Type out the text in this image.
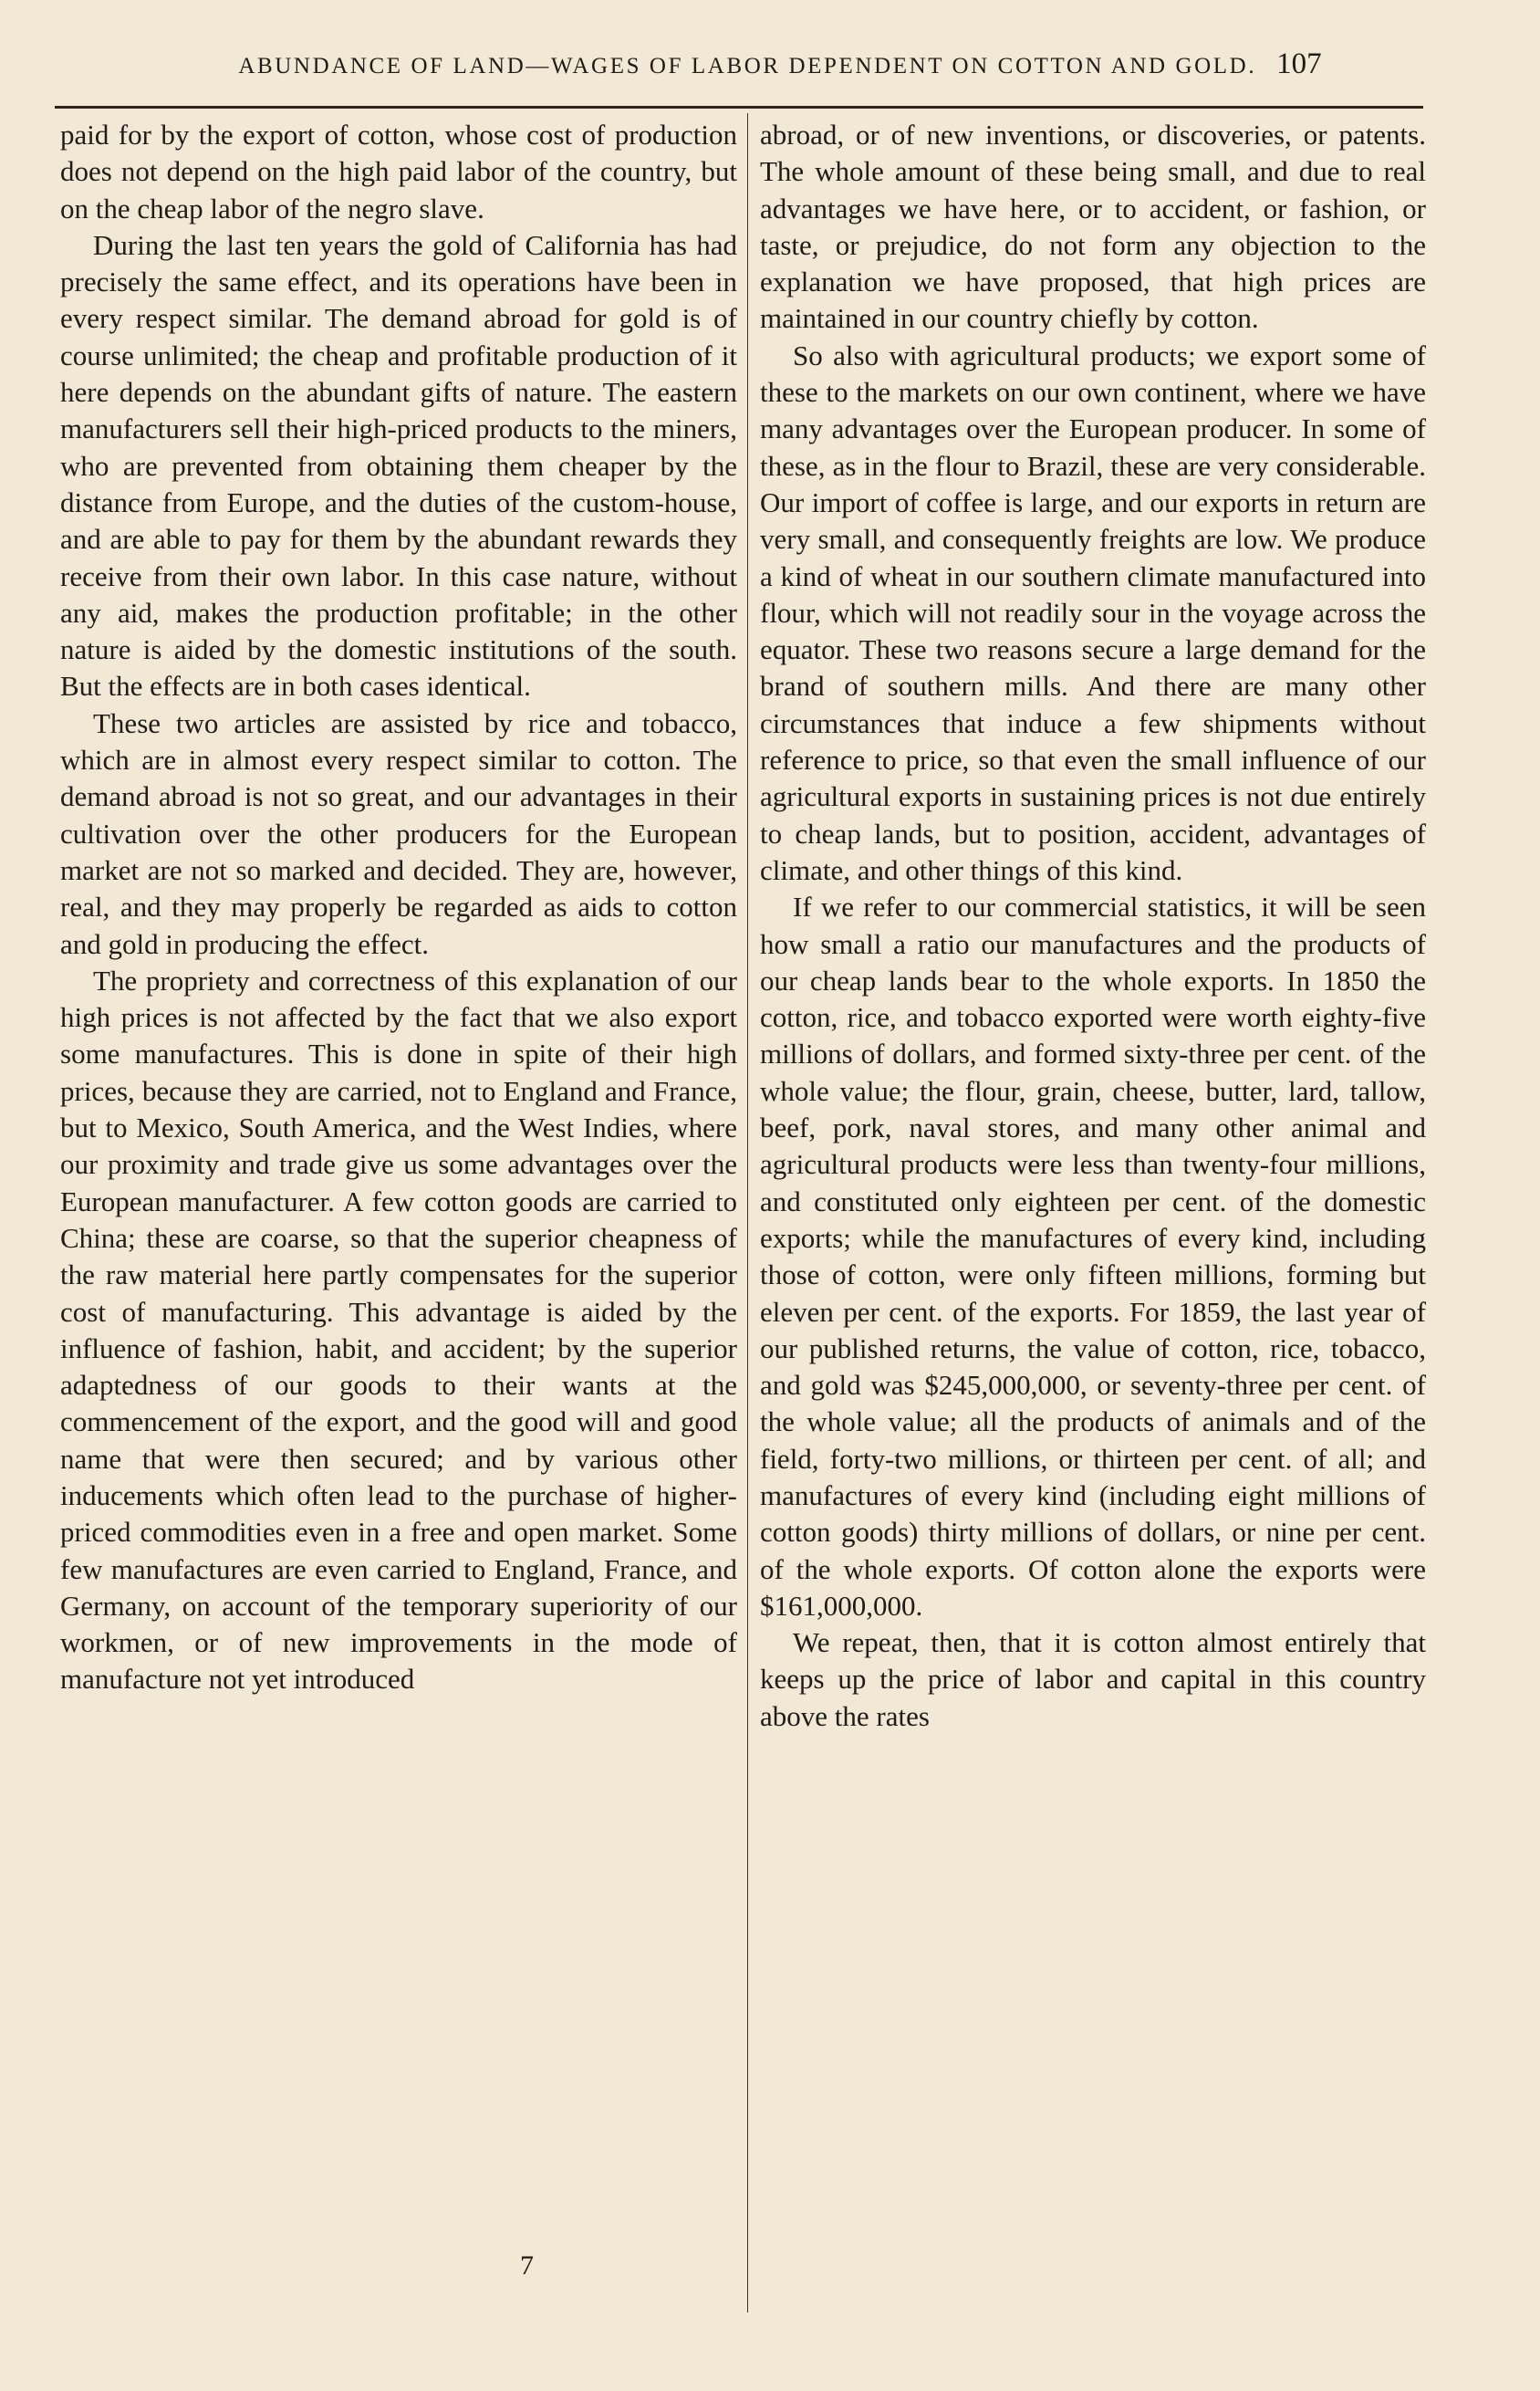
ABUNDANCE OF LAND—WAGES OF LABOR DEPENDENT ON COTTON AND GOLD. 107

paid for by the export of cotton, whose cost of production does not depend on the high paid labor of the country, but on the cheap labor of the negro slave.

During the last ten years the gold of California has had precisely the same effect, and its operations have been in every respect similar. The demand abroad for gold is of course unlimited; the cheap and profitable production of it here depends on the abundant gifts of nature. The eastern manufacturers sell their high-priced products to the miners, who are prevented from obtaining them cheaper by the distance from Europe, and the duties of the custom-house, and are able to pay for them by the abundant rewards they receive from their own labor. In this case nature, without any aid, makes the production profitable; in the other nature is aided by the domestic institutions of the south. But the effects are in both cases identical.

These two articles are assisted by rice and tobacco, which are in almost every respect similar to cotton. The demand abroad is not so great, and our advantages in their cultivation over the other producers for the European market are not so marked and decided. They are, however, real, and they may properly be regarded as aids to cotton and gold in producing the effect.

The propriety and correctness of this explanation of our high prices is not affected by the fact that we also export some manufactures. This is done in spite of their high prices, because they are carried, not to England and France, but to Mexico, South America, and the West Indies, where our proximity and trade give us some advantages over the European manufacturer. A few cotton goods are carried to China; these are coarse, so that the superior cheapness of the raw material here partly compensates for the superior cost of manufacturing. This advantage is aided by the influence of fashion, habit, and accident; by the superior adaptedness of our goods to their wants at the commencement of the export, and the good will and good name that were then secured; and by various other inducements which often lead to the purchase of higher-priced commodities even in a free and open market. Some few manufactures are even carried to England, France, and Germany, on account of the temporary superiority of our workmen, or of new improvements in the mode of manufacture not yet introduced

abroad, or of new inventions, or discoveries, or patents. The whole amount of these being small, and due to real advantages we have here, or to accident, or fashion, or taste, or prejudice, do not form any objection to the explanation we have proposed, that high prices are maintained in our country chiefly by cotton.

So also with agricultural products; we export some of these to the markets on our own continent, where we have many advantages over the European producer. In some of these, as in the flour to Brazil, these are very considerable. Our import of coffee is large, and our exports in return are very small, and consequently freights are low. We produce a kind of wheat in our southern climate manufactured into flour, which will not readily sour in the voyage across the equator. These two reasons secure a large demand for the brand of southern mills. And there are many other circumstances that induce a few shipments without reference to price, so that even the small influence of our agricultural exports in sustaining prices is not due entirely to cheap lands, but to position, accident, advantages of climate, and other things of this kind.

If we refer to our commercial statistics, it will be seen how small a ratio our manufactures and the products of our cheap lands bear to the whole exports. In 1850 the cotton, rice, and tobacco exported were worth eighty-five millions of dollars, and formed sixty-three per cent. of the whole value; the flour, grain, cheese, butter, lard, tallow, beef, pork, naval stores, and many other animal and agricultural products were less than twenty-four millions, and constituted only eighteen per cent. of the domestic exports; while the manufactures of every kind, including those of cotton, were only fifteen millions, forming but eleven per cent. of the exports. For 1859, the last year of our published returns, the value of cotton, rice, tobacco, and gold was $245,000,000, or seventy-three per cent. of the whole value; all the products of animals and of the field, forty-two millions, or thirteen per cent. of all; and manufactures of every kind (including eight millions of cotton goods) thirty millions of dollars, or nine per cent. of the whole exports. Of cotton alone the exports were $161,000,000.

We repeat, then, that it is cotton almost entirely that keeps up the price of labor and capital in this country above the rates

7
